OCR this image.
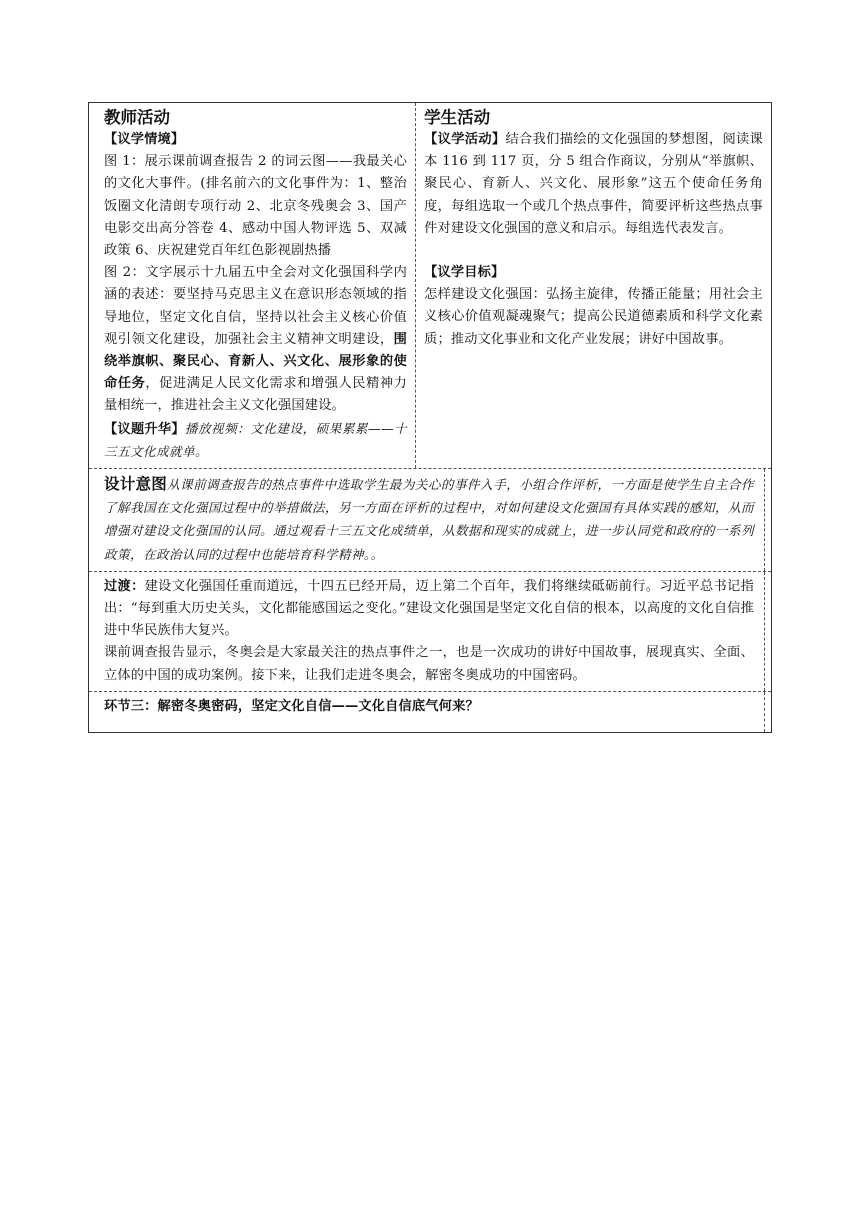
教师活动

【议学情境】

图 1：展示课前调查报告 2 的词云图——我最关心的文化大事件。(排名前六的文化事件为：1、整治饭圈文化清朗专项行动 2、北京冬残奥会 3、国产电影交出高分答卷 4、感动中国人物评选 5、双减政策 6、庆祝建党百年红色影视剧热播

图 2：文字展示十九届五中全会对文化强国科学内涵的表述：要坚持马克思主义在意识形态领域的指导地位，坚定文化自信，坚持以社会主义核心价值观引领文化建设，加强社会主义精神文明建设，围绕举旗帜、聚民心、育新人、兴文化、展形象的使命任务，促进满足人民文化需求和增强人民精神力量相统一，推进社会主义文化强国建设。

【议题升华】播放视频：文化建设，硕果累累——十三五文化成就单。

学生活动

【议学活动】结合我们描绘的文化强国的梦想图，阅读课本 116 到 117 页，分 5 组合作商议，分别从“举旗帜、聚民心、育新人、兴文化、展形象”这五个使命任务角度，每组选取一个或几个热点事件，简要评析这些热点事件对建设文化强国的意义和启示。每组选代表发言。

【议学目标】

怎样建设文化强国：弘扬主旋律，传播正能量；用社会主义核心价值观凝魂聚气；提高公民道德素质和科学文化素质；推动文化事业和文化产业发展；讲好中国故事。

设计意图从课前调查报告的热点事件中选取学生最为关心的事件入手，小组合作评析，一方面是使学生自主合作了解我国在文化强国过程中的举措做法，另一方面在评析的过程中，对如何建设文化强国有具体实践的感知，从而增强对建设文化强国的认同。通过观看十三五文化成绩单，从数据和现实的成就上，进一步认同党和政府的一系列政策，在政治认同的过程中也能培育科学精神。。

过渡：建设文化强国任重而道远，十四五已经开局，迈上第二个百年，我们将继续砥砺前行。习近平总书记指出：“每到重大历史关头，文化都能感国运之变化。”建设文化强国是坚定文化自信的根本，以高度的文化自信推进中华民族伟大复兴。

课前调查报告显示，冬奥会是大家最关注的热点事件之一，也是一次成功的讲好中国故事，展现真实、全面、立体的中国的成功案例。接下来，让我们走进冬奥会，解密冬奥成功的中国密码。

环节三：解密冬奥密码，坚定文化自信——文化自信底气何来？
